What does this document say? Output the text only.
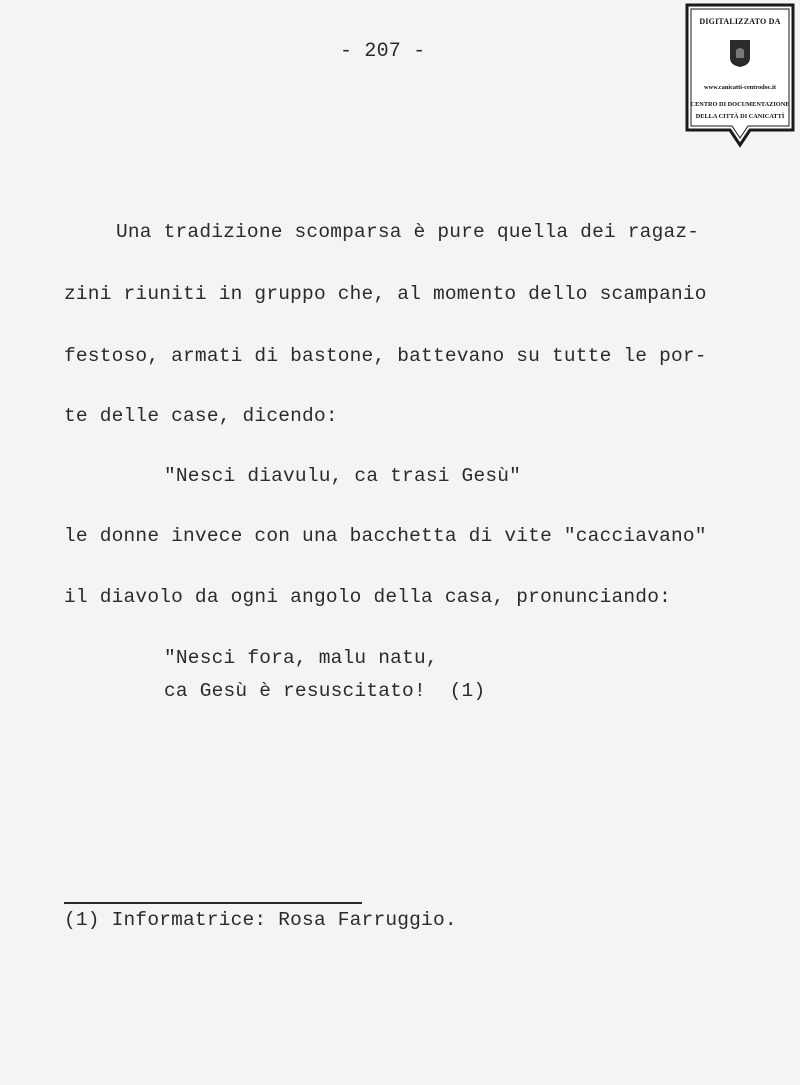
- 207 -
DIGITALIZZATO DA
www.canicatti-centrodoc.it
CENTRO DI DOCUMENTAZIONE
DELLA CITTÀ DI CANICATTÌ
Una tradizione scomparsa è pure quella dei ragaz-
zini riuniti in gruppo che, al momento dello scampanio
festoso, armati di bastone, battevano su tutte le por-
te delle case, dicendo:
"Nesci diavulu, ca trasi Gesù"
le donne invece con una bacchetta di vite "cacciavano"
il diavolo da ogni angolo della casa, pronunciando:
"Nesci fora, malu natu,
ca Gesù è resuscitato!  (1)
(1) Informatrice: Rosa Farruggio.
